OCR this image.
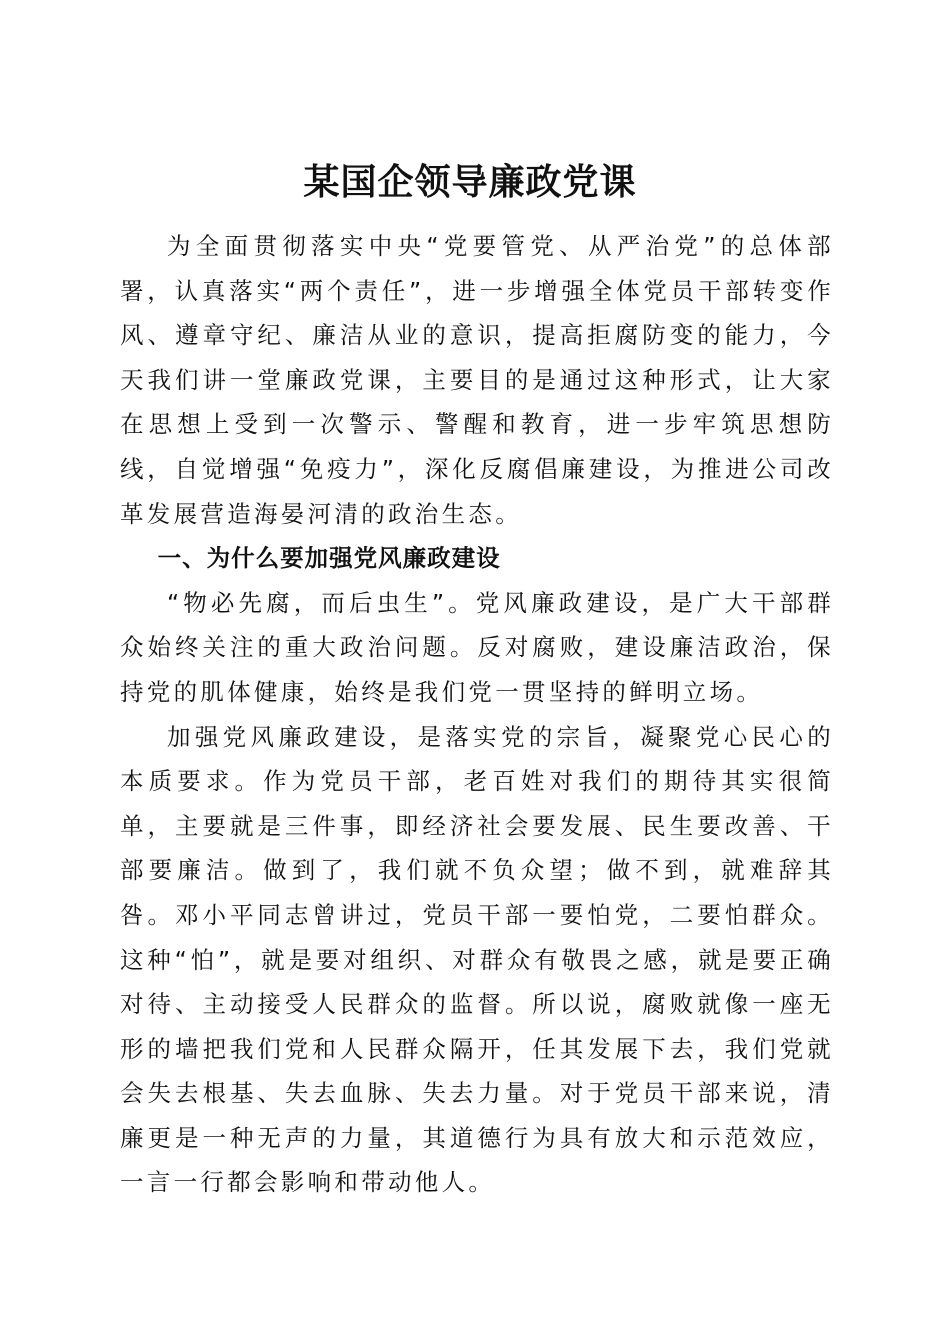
某国企领导廉政党课

为全面贯彻落实中央“党要管党、从严治党”的总体部署，认真落实“两个责任”，进一步增强全体党员干部转变作风、遵章守纪、廉洁从业的意识，提高拒腐防变的能力，今天我们讲一堂廉政党课，主要目的是通过这种形式，让大家在思想上受到一次警示、警醒和教育，进一步牢筑思想防线，自觉增强“免疫力”，深化反腐倡廉建设，为推进公司改革发展营造海晏河清的政治生态。

一、为什么要加强党风廉政建设

“物必先腐，而后虫生”。党风廉政建设，是广大干部群众始终关注的重大政治问题。反对腐败，建设廉洁政治，保持党的肌体健康，始终是我们党一贯坚持的鲜明立场。

加强党风廉政建设，是落实党的宗旨，凝聚党心民心的本质要求。作为党员干部，老百姓对我们的期待其实很简单，主要就是三件事，即经济社会要发展、民生要改善、干部要廉洁。做到了，我们就不负众望；做不到，就难辞其咎。邓小平同志曾讲过，党员干部一要怕党，二要怕群众。这种“怕”，就是要对组织、对群众有敬畏之感，就是要正确对待、主动接受人民群众的监督。所以说，腐败就像一座无形的墙把我们党和人民群众隔开，任其发展下去，我们党就会失去根基、失去血脉、失去力量。对于党员干部来说，清廉更是一种无声的力量，其道德行为具有放大和示范效应，一言一行都会影响和带动他人。
